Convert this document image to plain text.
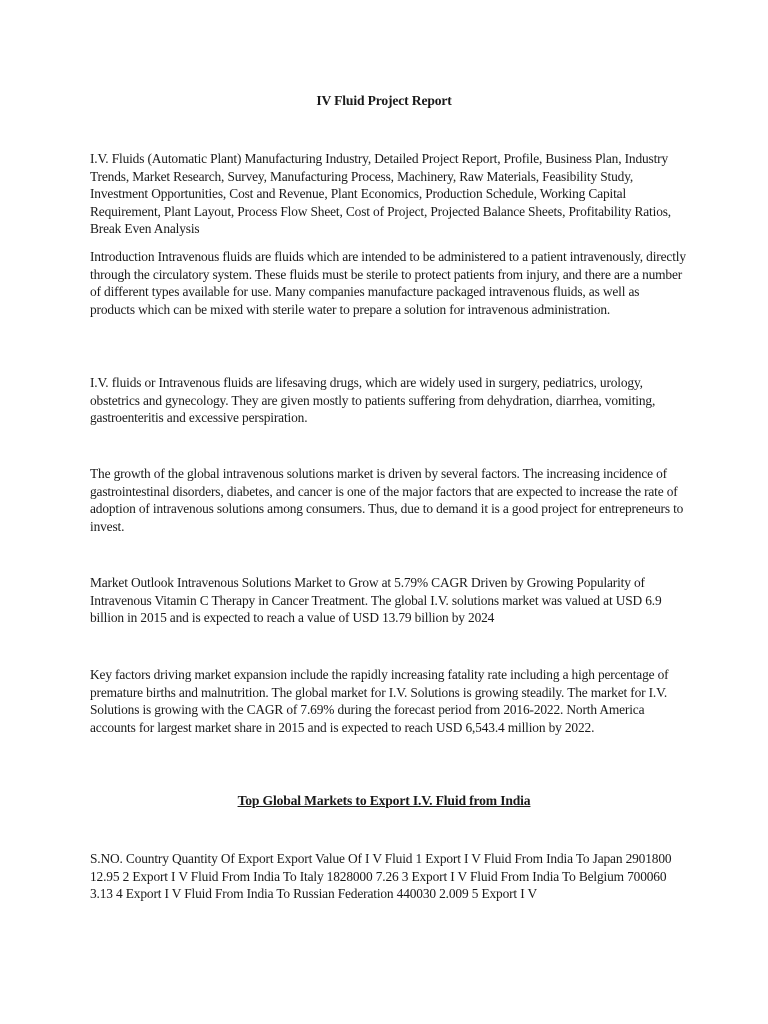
IV Fluid Project Report

I.V. Fluids (Automatic Plant) Manufacturing Industry, Detailed Project Report, Profile, Business Plan, Industry Trends, Market Research, Survey, Manufacturing Process, Machinery, Raw Materials, Feasibility Study, Investment Opportunities, Cost and Revenue, Plant Economics, Production Schedule, Working Capital Requirement, Plant Layout, Process Flow Sheet, Cost of Project, Projected Balance Sheets, Profitability Ratios, Break Even Analysis

Introduction Intravenous fluids are fluids which are intended to be administered to a patient intravenously, directly through the circulatory system. These fluids must be sterile to protect patients from injury, and there are a number of different types available for use. Many companies manufacture packaged intravenous fluids, as well as products which can be mixed with sterile water to prepare a solution for intravenous administration.

I.V. fluids or Intravenous fluids are lifesaving drugs, which are widely used in surgery, pediatrics, urology, obstetrics and gynecology. They are given mostly to patients suffering from dehydration, diarrhea, vomiting, gastroenteritis and excessive perspiration.

The growth of the global intravenous solutions market is driven by several factors. The increasing incidence of gastrointestinal disorders, diabetes, and cancer is one of the major factors that are expected to increase the rate of adoption of intravenous solutions among consumers. Thus, due to demand it is a good project for entrepreneurs to invest.

Market Outlook Intravenous Solutions Market to Grow at 5.79% CAGR Driven by Growing Popularity of Intravenous Vitamin C Therapy in Cancer Treatment. The global I.V. solutions market was valued at USD 6.9 billion in 2015 and is expected to reach a value of USD 13.79 billion by 2024

Key factors driving market expansion include the rapidly increasing fatality rate including a high percentage of premature births and malnutrition. The global market for I.V. Solutions is growing steadily. The market for I.V. Solutions is growing with the CAGR of 7.69% during the forecast period from 2016-2022. North America accounts for largest market share in 2015 and is expected to reach USD 6,543.4 million by 2022.

Top Global Markets to Export I.V. Fluid from India

S.NO. Country Quantity Of Export Export Value Of I V Fluid 1 Export I V Fluid From India To Japan 2901800 12.95 2 Export I V Fluid From India To Italy 1828000 7.26 3 Export I V Fluid From India To Belgium 700060 3.13 4 Export I V Fluid From India To Russian Federation 440030 2.009 5 Export I V
